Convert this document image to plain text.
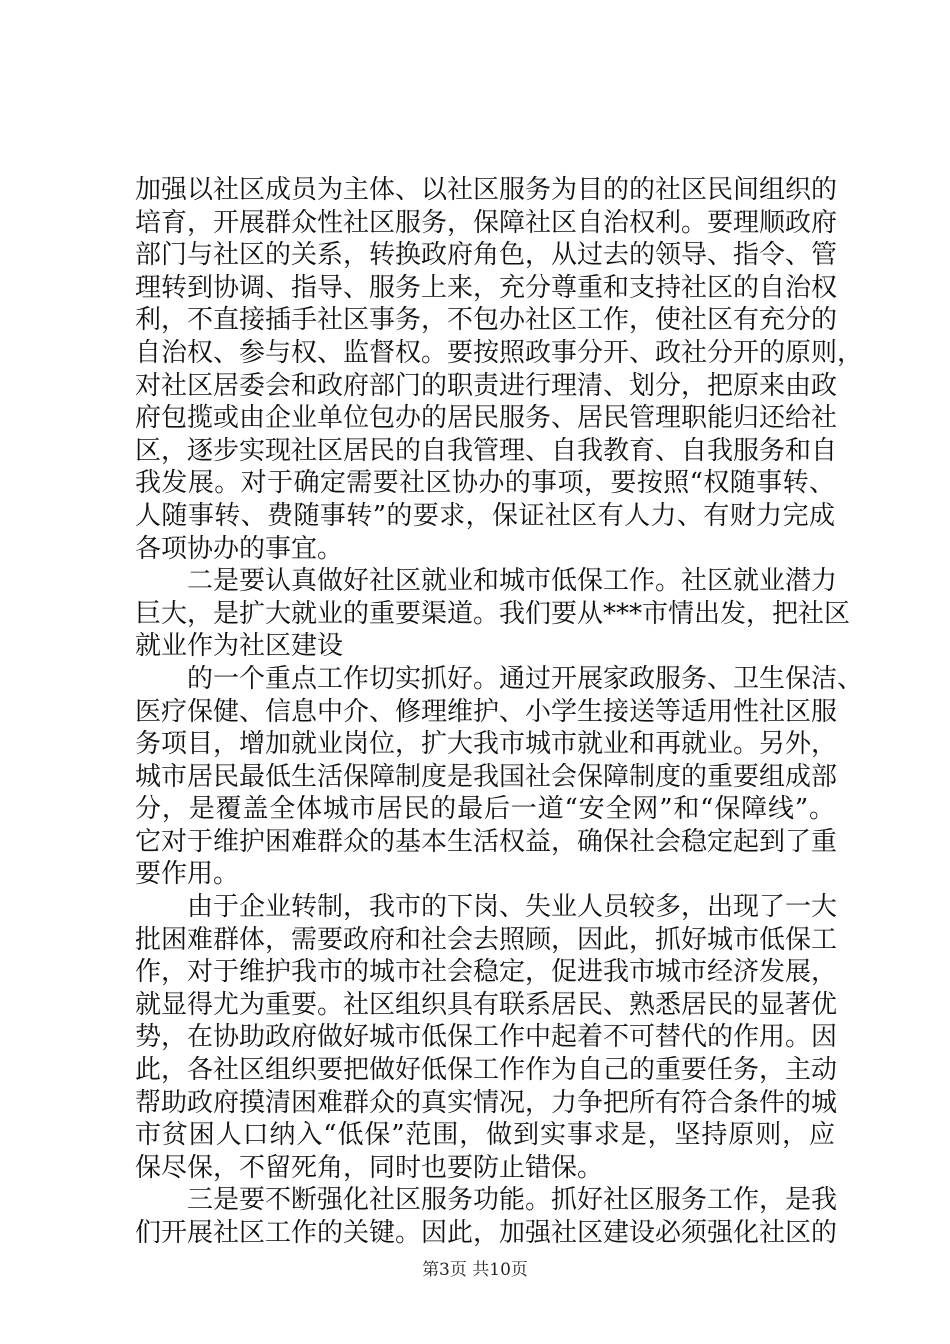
加强以社区成员为主体、以社区服务为目的的社区民间组织的
培育，开展群众性社区服务，保障社区自治权利。要理顺政府
部门与社区的关系，转换政府角色，从过去的领导、指令、管
理转到协调、指导、服务上来，充分尊重和支持社区的自治权
利，不直接插手社区事务，不包办社区工作，使社区有充分的
自治权、参与权、监督权。要按照政事分开、政社分开的原则，
对社区居委会和政府部门的职责进行理清、划分，把原来由政
府包揽或由企业单位包办的居民服务、居民管理职能归还给社
区，逐步实现社区居民的自我管理、自我教育、自我服务和自
我发展。对于确定需要社区协办的事项，要按照“权随事转、
人随事转、费随事转”的要求，保证社区有人力、有财力完成
各项协办的事宜。
二是要认真做好社区就业和城市低保工作。社区就业潜力
巨大，是扩大就业的重要渠道。我们要从***市情出发，把社区
就业作为社区建设
的一个重点工作切实抓好。通过开展家政服务、卫生保洁、
医疗保健、信息中介、修理维护、小学生接送等适用性社区服
务项目，增加就业岗位，扩大我市城市就业和再就业。另外，
城市居民最低生活保障制度是我国社会保障制度的重要组成部
分，是覆盖全体城市居民的最后一道“安全网”和“保障线”。
它对于维护困难群众的基本生活权益，确保社会稳定起到了重
要作用。
由于企业转制，我市的下岗、失业人员较多，出现了一大
批困难群体，需要政府和社会去照顾，因此，抓好城市低保工
作，对于维护我市的城市社会稳定，促进我市城市经济发展，
就显得尤为重要。社区组织具有联系居民、熟悉居民的显著优
势，在协助政府做好城市低保工作中起着不可替代的作用。因
此，各社区组织要把做好低保工作作为自己的重要任务，主动
帮助政府摸清困难群众的真实情况，力争把所有符合条件的城
市贫困人口纳入“低保”范围，做到实事求是，坚持原则，应
保尽保，不留死角，同时也要防止错保。
三是要不断强化社区服务功能。抓好社区服务工作，是我
们开展社区工作的关键。因此，加强社区建设必须强化社区的
第3页 共10页
